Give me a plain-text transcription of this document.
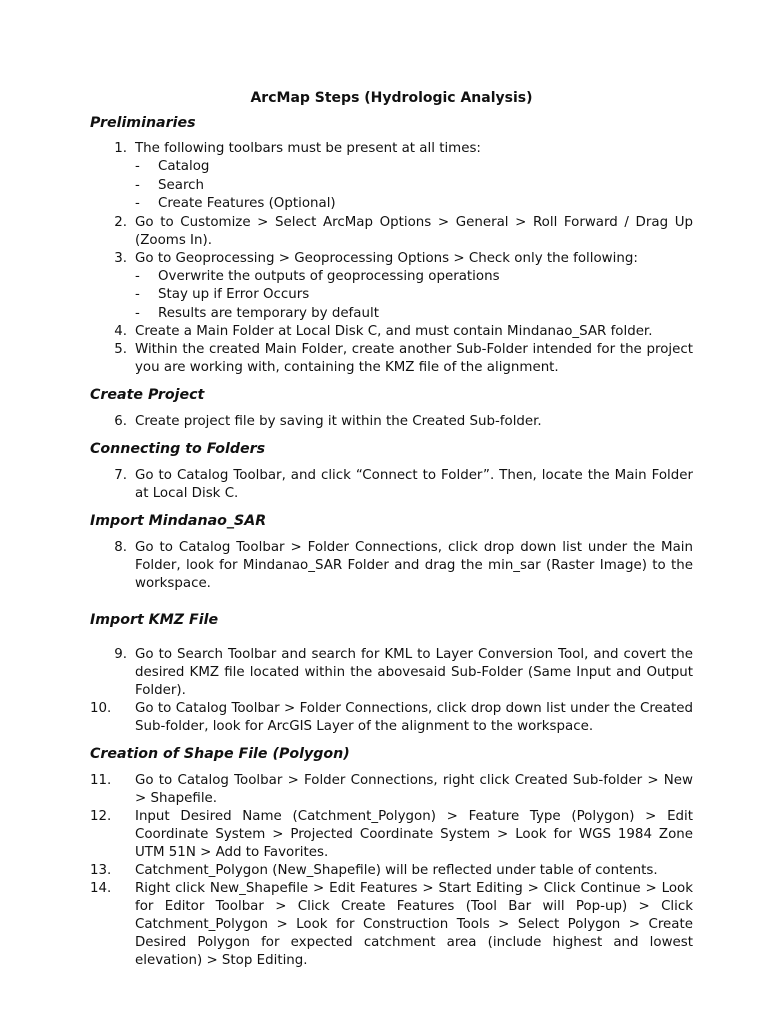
ArcMap Steps (Hydrologic Analysis)
Preliminaries
1. The following toolbars must be present at all times:
- Catalog
- Search
- Create Features (Optional)
2. Go to Customize > Select ArcMap Options > General > Roll Forward / Drag Up (Zooms In).
3. Go to Geoprocessing > Geoprocessing Options > Check only the following:
- Overwrite the outputs of geoprocessing operations
- Stay up if Error Occurs
- Results are temporary by default
4. Create a Main Folder at Local Disk C, and must contain Mindanao_SAR folder.
5. Within the created Main Folder, create another Sub-Folder intended for the project you are working with, containing the KMZ file of the alignment.
Create Project
6. Create project file by saving it within the Created Sub-folder.
Connecting to Folders
7. Go to Catalog Toolbar, and click “Connect to Folder”. Then, locate the Main Folder at Local Disk C.
Import Mindanao_SAR
8. Go to Catalog Toolbar > Folder Connections, click drop down list under the Main Folder, look for Mindanao_SAR Folder and drag the min_sar (Raster Image) to the workspace.
Import KMZ File
9. Go to Search Toolbar and search for KML to Layer Conversion Tool, and covert the desired KMZ file located within the abovesaid Sub-Folder (Same Input and Output Folder).
10.	Go to Catalog Toolbar > Folder Connections, click drop down list under the Created Sub-folder, look for ArcGIS Layer of the alignment to the workspace.
Creation of Shape File (Polygon)
11.	Go to Catalog Toolbar > Folder Connections, right click Created Sub-folder > New > Shapefile.
12.	Input Desired Name (Catchment_Polygon) > Feature Type (Polygon) > Edit Coordinate System > Projected Coordinate System > Look for WGS 1984 Zone UTM 51N > Add to Favorites.
13.	Catchment_Polygon (New_Shapefile) will be reflected under table of contents.
14.	Right click New_Shapefile > Edit Features > Start Editing > Click Continue > Look for Editor Toolbar > Click Create Features (Tool Bar will Pop-up) > Click Catchment_Polygon > Look for Construction Tools > Select Polygon > Create Desired Polygon for expected catchment area (include highest and lowest elevation) > Stop Editing.
